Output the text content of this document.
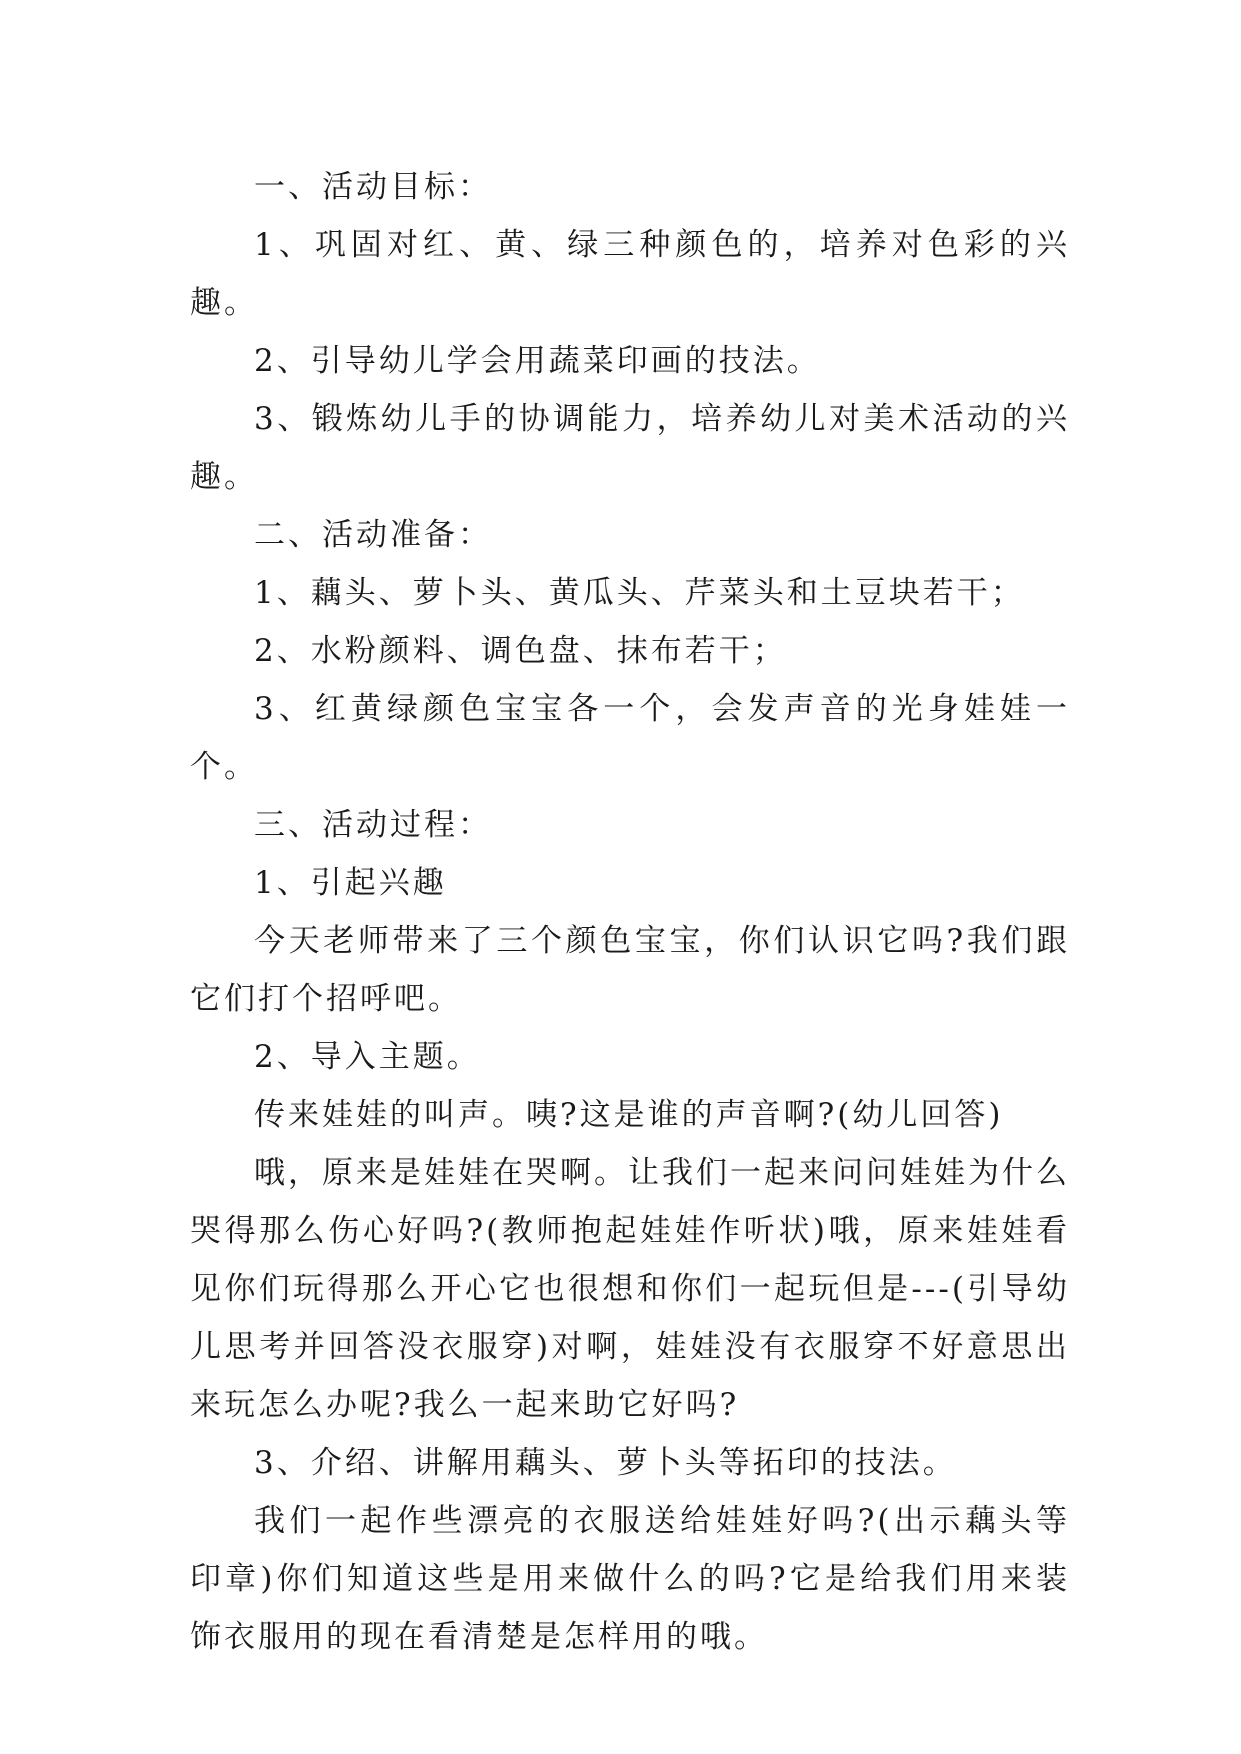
一、活动目标：

1、巩固对红、黄、绿三种颜色的，培养对色彩的兴趣。

2、引导幼儿学会用蔬菜印画的技法。

3、锻炼幼儿手的协调能力，培养幼儿对美术活动的兴趣。

二、活动准备：

1、藕头、萝卜头、黄瓜头、芹菜头和土豆块若干；

2、水粉颜料、调色盘、抹布若干；

3、红黄绿颜色宝宝各一个，会发声音的光身娃娃一个。

三、活动过程：

1、引起兴趣

今天老师带来了三个颜色宝宝，你们认识它吗?我们跟它们打个招呼吧。

2、导入主题。

传来娃娃的叫声。咦?这是谁的声音啊?(幼儿回答)

哦，原来是娃娃在哭啊。让我们一起来问问娃娃为什么哭得那么伤心好吗?(教师抱起娃娃作听状)哦，原来娃娃看见你们玩得那么开心它也很想和你们一起玩但是---(引导幼儿思考并回答没衣服穿)对啊，娃娃没有衣服穿不好意思出来玩怎么办呢?我么一起来助它好吗?

3、介绍、讲解用藕头、萝卜头等拓印的技法。

我们一起作些漂亮的衣服送给娃娃好吗?(出示藕头等印章)你们知道这些是用来做什么的吗?它是给我们用来装饰衣服用的现在看清楚是怎样用的哦。
